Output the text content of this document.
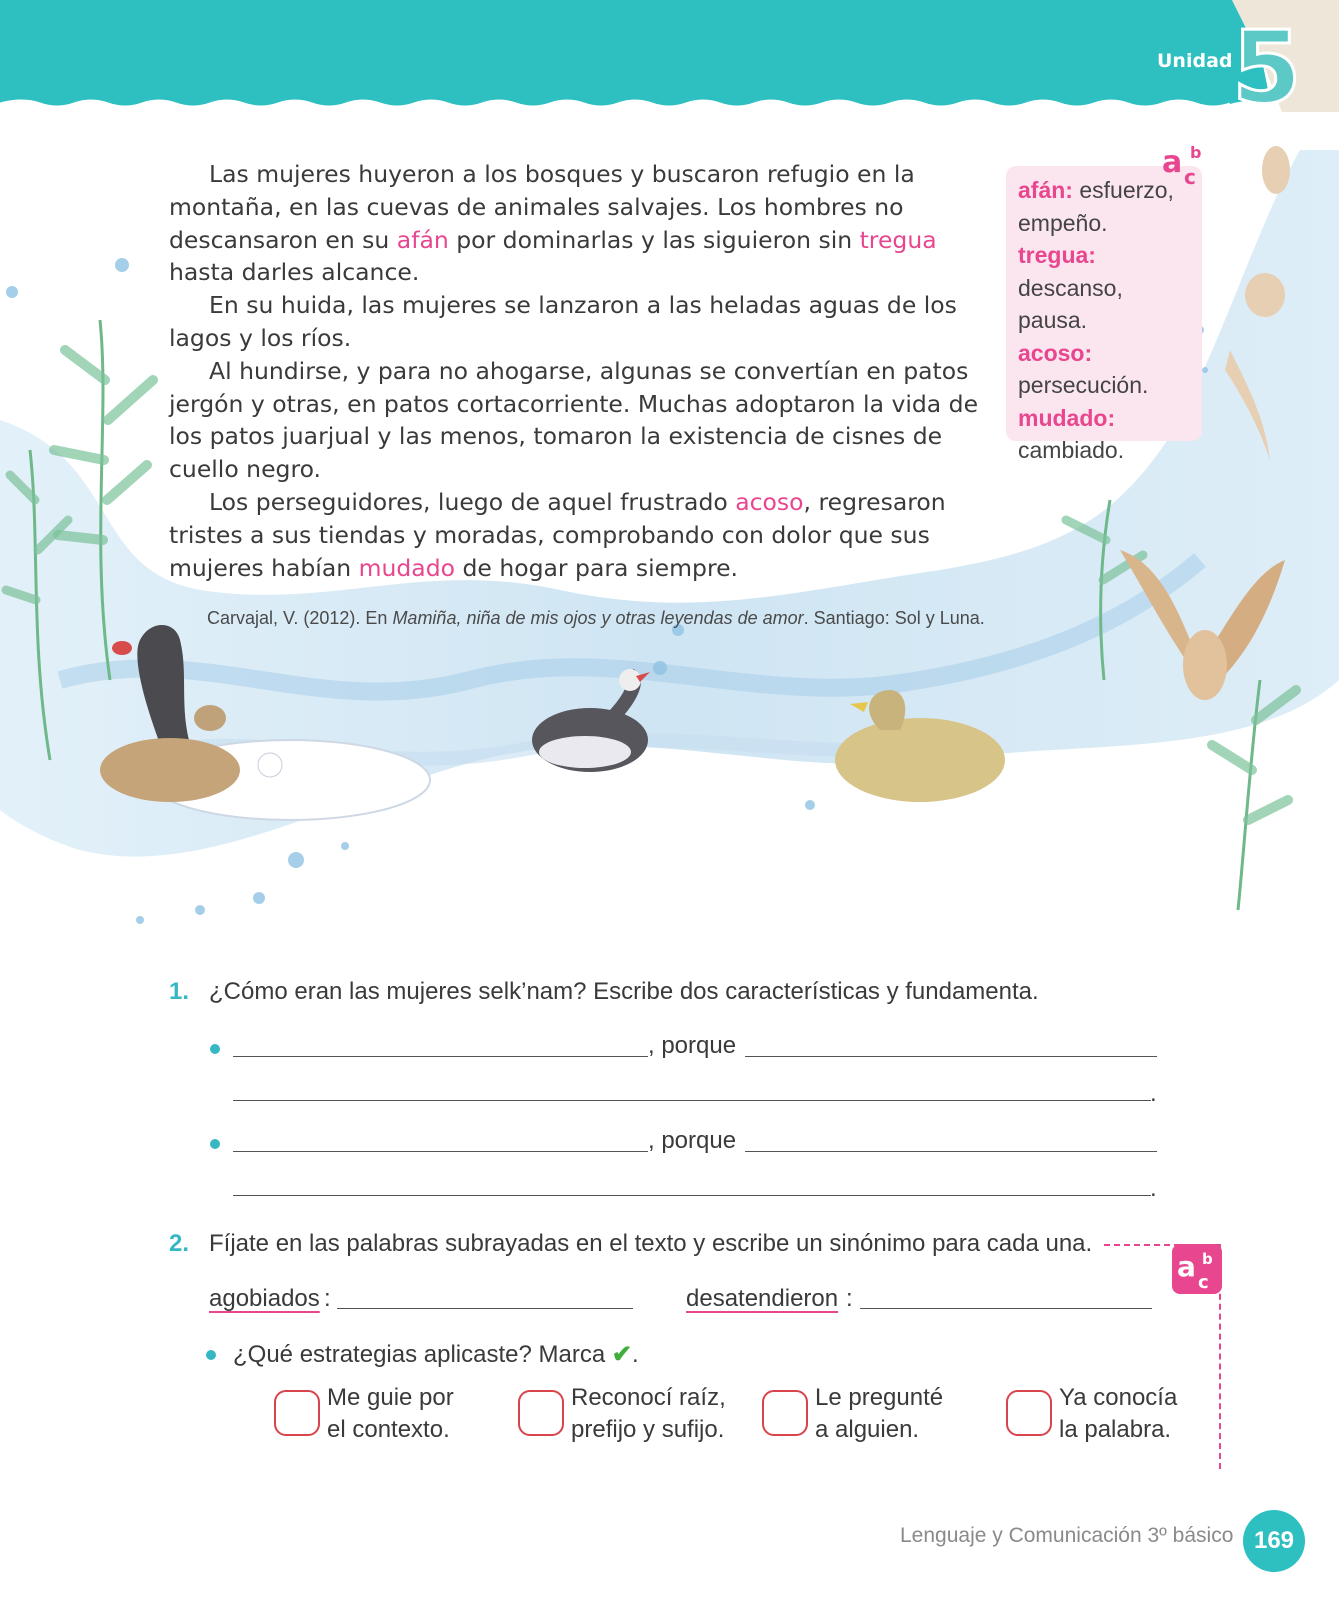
Unidad 5

Las mujeres huyeron a los bosques y buscaron refugio en la montaña, en las cuevas de animales salvajes. Los hombres no descansaron en su afán por dominarlas y las siguieron sin tregua hasta darles alcance.

En su huida, las mujeres se lanzaron a las heladas aguas de los lagos y los ríos.

Al hundirse, y para no ahogarse, algunas se convertían en patos jergón y otras, en patos cortacorriente. Muchas adoptaron la vida de los patos juarjual y las menos, tomaron la existencia de cisnes de cuello negro.

Los perseguidores, luego de aquel frustrado acoso, regresaron tristes a sus tiendas y moradas, comprobando con dolor que sus mujeres habían mudado de hogar para siempre.

Carvajal, V. (2012). En Mamiña, niña de mis ojos y otras leyendas de amor. Santiago: Sol y Luna.
afán: esfuerzo, empeño.
tregua: descanso, pausa.
acoso: persecución.
mudado: cambiado.
a b
c
1. ¿Cómo eran las mujeres selk’nam? Escribe dos características y fundamenta.
, porque
.
, porque
.
2. Fíjate en las palabras subrayadas en el texto y escribe un sinónimo para cada una.
a b
c
agobiados :	desatendieron :
¿Qué estrategias aplicaste? Marca ✔.
Me guie por
el contexto.
Reconocí raíz,
prefijo y sufijo.
Le pregunté
a alguien.
Ya conocía
la palabra.
Lenguaje y Comunicación 3º básico 169
